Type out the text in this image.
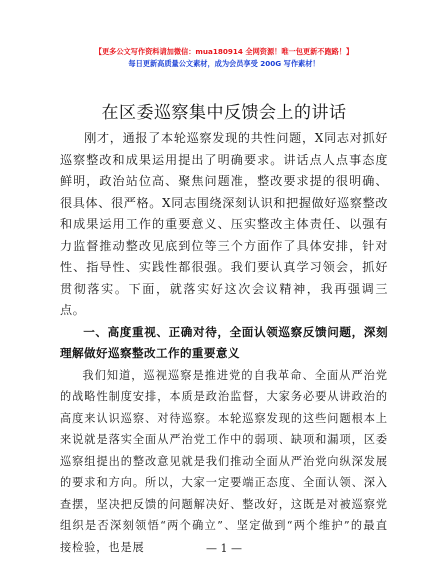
【更多公文写作资料请加微信：mua180914 全网资源！唯一包更新不跑路！】
每日更新高质量公文素材，成为会员享受 200G 写作素材！
在区委巡察集中反馈会上的讲话

刚才，通报了本轮巡察发现的共性问题，X同志对抓好巡察整改和成果运用提出了明确要求。讲话点人点事态度鲜明，政治站位高、聚焦问题准，整改要求提的很明确、很具体、很严格。X同志围绕深刻认识和把握做好巡察整改和成果运用工作的重要意义、压实整改主体责任、以强有力监督推动整改见底到位等三个方面作了具体安排，针对性、指导性、实践性都很强。我们要认真学习领会，抓好贯彻落实。下面，就落实好这次会议精神，我再强调三点。

一、高度重视、正确对待，全面认领巡察反馈问题，深刻理解做好巡察整改工作的重要意义

我们知道，巡视巡察是推进党的自我革命、全面从严治党的战略性制度安排，本质是政治监督，大家务必要从讲政治的高度来认识巡察、对待巡察。本轮巡察发现的这些问题根本上来说就是落实全面从严治党工作中的弱项、缺项和漏项，区委巡察组提出的整改意见就是我们推动全面从严治党向纵深发展的要求和方向。所以，大家一定要端正态度、全面认领、深入查摆，坚决把反馈的问题解决好、整改好，这既是对被巡察党组织是否深刻领悟“两个确立”、坚定做到“两个维护”的最直接检验，也是展	— 1 —
